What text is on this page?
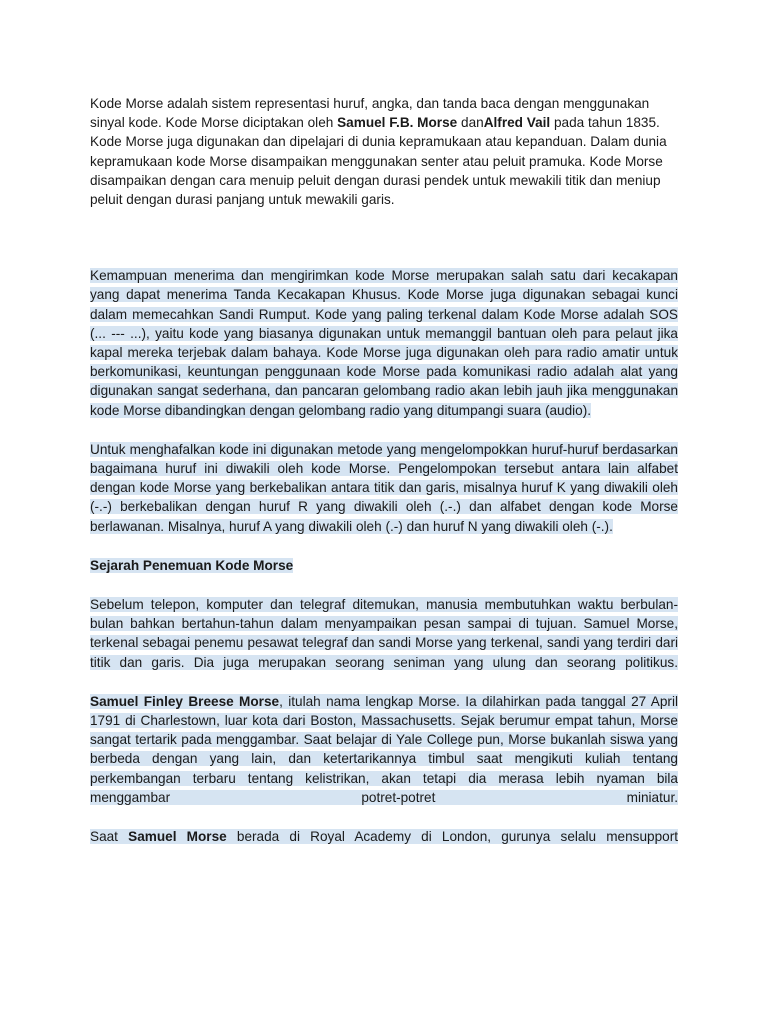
Kode Morse adalah sistem representasi huruf, angka, dan tanda baca dengan menggunakan sinyal kode. Kode Morse diciptakan oleh Samuel F.B. Morse danAlfred Vail pada tahun 1835. Kode Morse juga digunakan dan dipelajari di dunia kepramukaan atau kepanduan. Dalam dunia kepramukaan kode Morse disampaikan menggunakan senter atau peluit pramuka. Kode Morse disampaikan dengan cara menuip peluit dengan durasi pendek untuk mewakili titik dan meniup peluit dengan durasi panjang untuk mewakili garis.

Kemampuan menerima dan mengirimkan kode Morse merupakan salah satu dari kecakapan yang dapat menerima Tanda Kecakapan Khusus. Kode Morse juga digunakan sebagai kunci dalam memecahkan Sandi Rumput. Kode yang paling terkenal dalam Kode Morse adalah SOS (... --- ...), yaitu kode yang biasanya digunakan untuk memanggil bantuan oleh para pelaut jika kapal mereka terjebak dalam bahaya. Kode Morse juga digunakan oleh para radio amatir untuk berkomunikasi, keuntungan penggunaan kode Morse pada komunikasi radio adalah alat yang digunakan sangat sederhana, dan pancaran gelombang radio akan lebih jauh jika menggunakan kode Morse dibandingkan dengan gelombang radio yang ditumpangi suara (audio).

Untuk menghafalkan kode ini digunakan metode yang mengelompokkan huruf-huruf berdasarkan bagaimana huruf ini diwakili oleh kode Morse. Pengelompokan tersebut antara lain alfabet dengan kode Morse yang berkebalikan antara titik dan garis, misalnya huruf K yang diwakili oleh (-.-) berkebalikan dengan huruf R yang diwakili oleh (.-.) dan alfabet dengan kode Morse berlawanan. Misalnya, huruf A yang diwakili oleh (.-) dan huruf N yang diwakili oleh (-.).

Sejarah Penemuan Kode Morse

Sebelum telepon, komputer dan telegraf ditemukan, manusia membutuhkan waktu berbulan-bulan bahkan bertahun-tahun dalam menyampaikan pesan sampai di tujuan. Samuel Morse, terkenal sebagai penemu pesawat telegraf dan sandi Morse yang terkenal, sandi yang terdiri dari titik dan garis. Dia juga merupakan seorang seniman yang ulung dan seorang politikus.

Samuel Finley Breese Morse, itulah nama lengkap Morse. Ia dilahirkan pada tanggal 27 April 1791 di Charlestown, luar kota dari Boston, Massachusetts. Sejak berumur empat tahun, Morse sangat tertarik pada menggambar. Saat belajar di Yale College pun, Morse bukanlah siswa yang berbeda dengan yang lain, dan ketertarikannya timbul saat mengikuti kuliah tentang perkembangan terbaru tentang kelistrikan, akan tetapi dia merasa lebih nyaman bila menggambar potret-potret miniatur.

Saat Samuel Morse berada di Royal Academy di London, gurunya selalu mensupport
